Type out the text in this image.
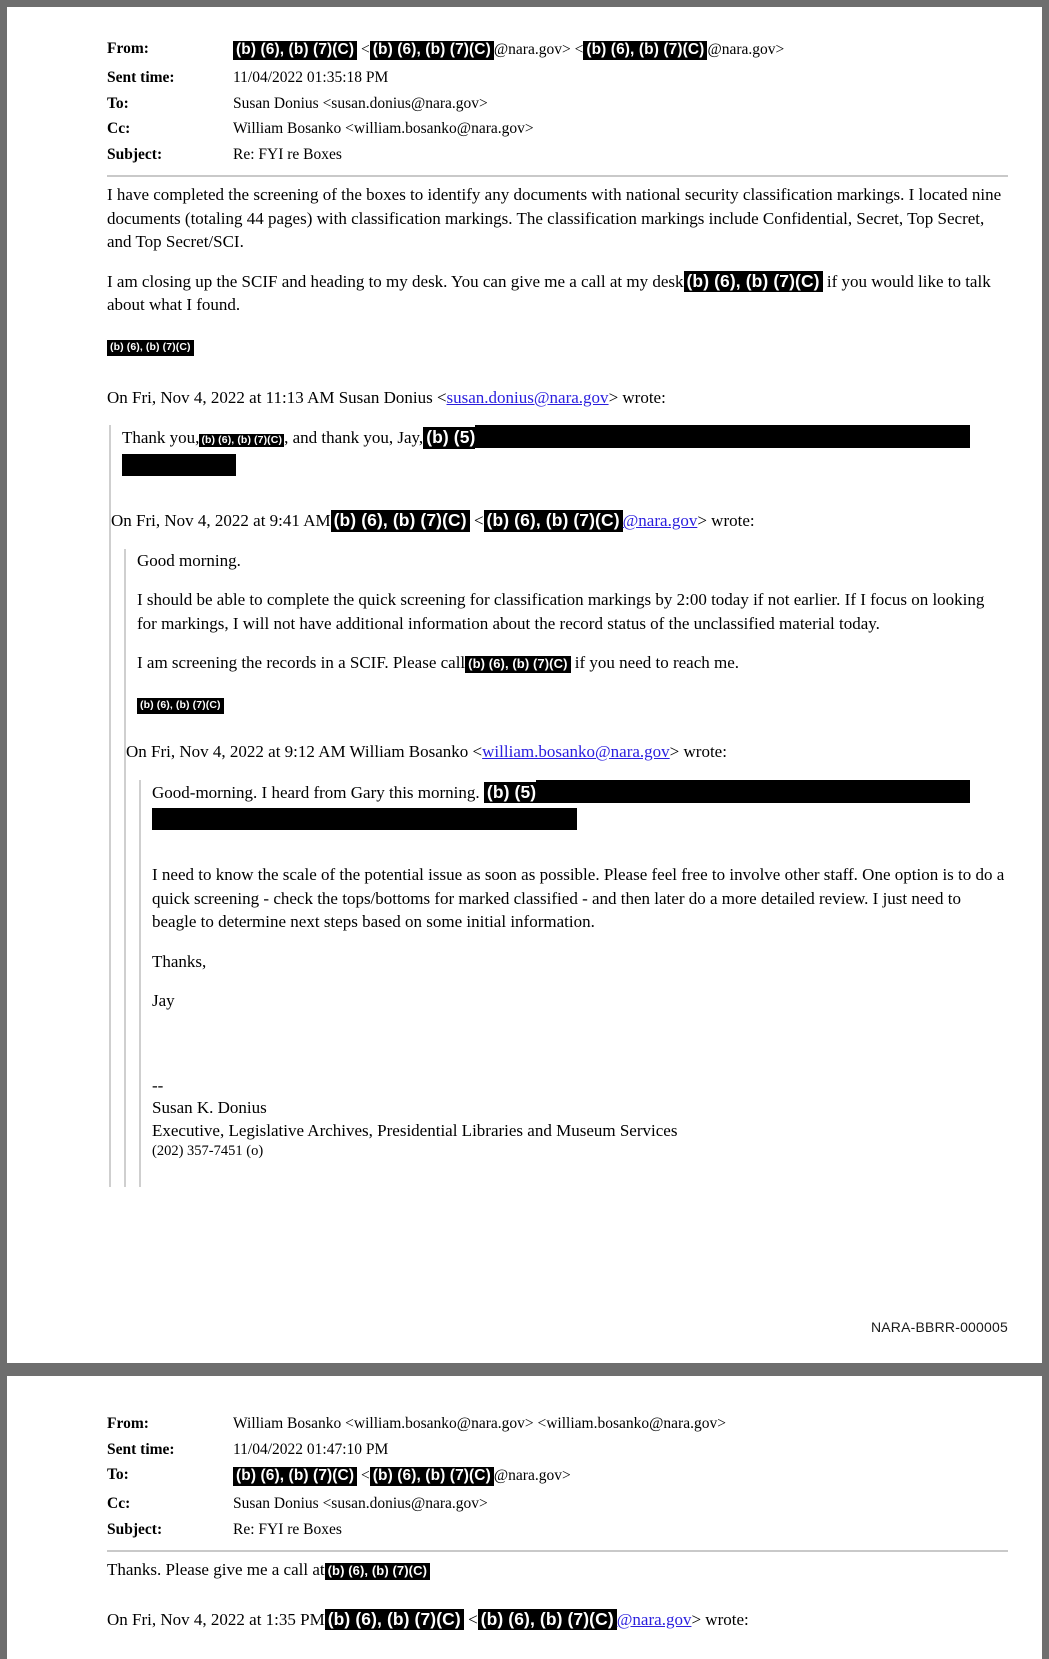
From:	(b) (6), (b) (7)(C) < (b) (6), (b) (7)(C) @nara.gov> < (b) (6), (b) (7)(C) @nara.gov>
Sent time:	11/04/2022 01:35:18 PM
To:	Susan Donius <susan.donius@nara.gov>
Cc:	William Bosanko <william.bosanko@nara.gov>
Subject:	Re: FYI re Boxes

I have completed the screening of the boxes to identify any documents with national security classification markings. I located nine documents (totaling 44 pages) with classification markings. The classification markings include Confidential, Secret, Top Secret, and Top Secret/SCI.

I am closing up the SCIF and heading to my desk. You can give me a call at my desk (b) (6), (b) (7)(C) if you would like to talk about what I found.

(b) (6), (b) (7)(C)

On Fri, Nov 4, 2022 at 11:13 AM Susan Donius <susan.donius@nara.gov> wrote:

Thank you, (b) (6), (b) (7)(C) , and thank you, Jay, (b) (5)

On Fri, Nov 4, 2022 at 9:41 AM (b) (6), (b) (7)(C) < (b) (6), (b) (7)(C) @nara.gov> wrote:

Good morning.

I should be able to complete the quick screening for classification markings by 2:00 today if not earlier. If I focus on looking for markings, I will not have additional information about the record status of the unclassified material today.

I am screening the records in a SCIF. Please call (b) (6), (b) (7)(C) if you need to reach me.

(b) (6), (b) (7)(C)

On Fri, Nov 4, 2022 at 9:12 AM William Bosanko <william.bosanko@nara.gov> wrote:

Good-morning. I heard from Gary this morning. (b) (5)

I need to know the scale of the potential issue as soon as possible. Please feel free to involve other staff. One option is to do a quick screening - check the tops/bottoms for marked classified - and then later do a more detailed review. I just need to beagle to determine next steps based on some initial information.

Thanks,

Jay

--
Susan K. Donius
Executive, Legislative Archives, Presidential Libraries and Museum Services
(202) 357-7451 (o)
NARA-BBRR-000005
From:	William Bosanko <william.bosanko@nara.gov> <william.bosanko@nara.gov>
Sent time:	11/04/2022 01:47:10 PM
To:	(b) (6), (b) (7)(C) < (b) (6), (b) (7)(C) @nara.gov>
Cc:	Susan Donius <susan.donius@nara.gov>
Subject:	Re: FYI re Boxes

Thanks. Please give me a call at (b) (6), (b) (7)(C)

On Fri, Nov 4, 2022 at 1:35 PM (b) (6), (b) (7)(C) < (b) (6), (b) (7)(C) @nara.gov> wrote:
